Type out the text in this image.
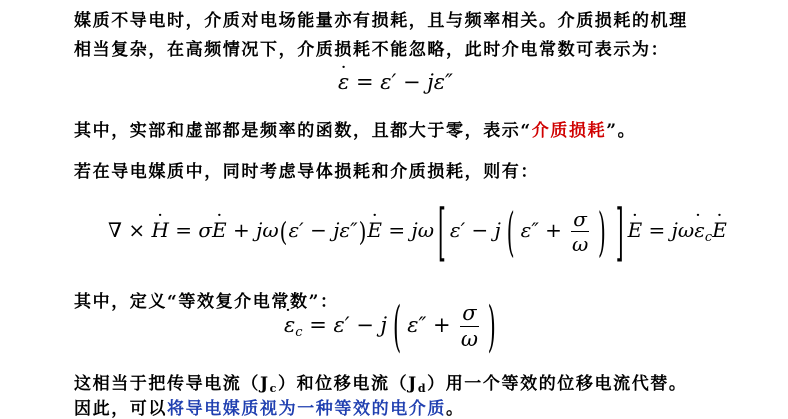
媒质不导电时，介质对电场能量亦有损耗，且与频率相关。介质损耗的机理
相当复杂，在高频情况下，介质损耗不能忽略，此时介电常数可表示为：
· ε = ε′ − jε″
其中，实部和虚部都是频率的函数，且都大于零，表示“介质损耗”。
若在导电媒质中，同时考虑导体损耗和介质损耗，则有：
∇ × · H = σ· E + jω(ε′ − jε″)· E = jω [ ε′ − j ( $\varepsilon'' + \frac{\sigma}{\omega}$ ) ]· $E = j\omega\cdot \varepsilon_c\cdot E$
其中，定义“等效复介电常数”：
· $\varepsilon_c = \varepsilon' - j$ ( $\varepsilon'' + \frac{\sigma}{\omega}$ )
这相当于把传导电流（Jc）和位移电流（Jd）用一个等效的位移电流代替。
因此，可以将导电媒质视为一种等效的电介质。
